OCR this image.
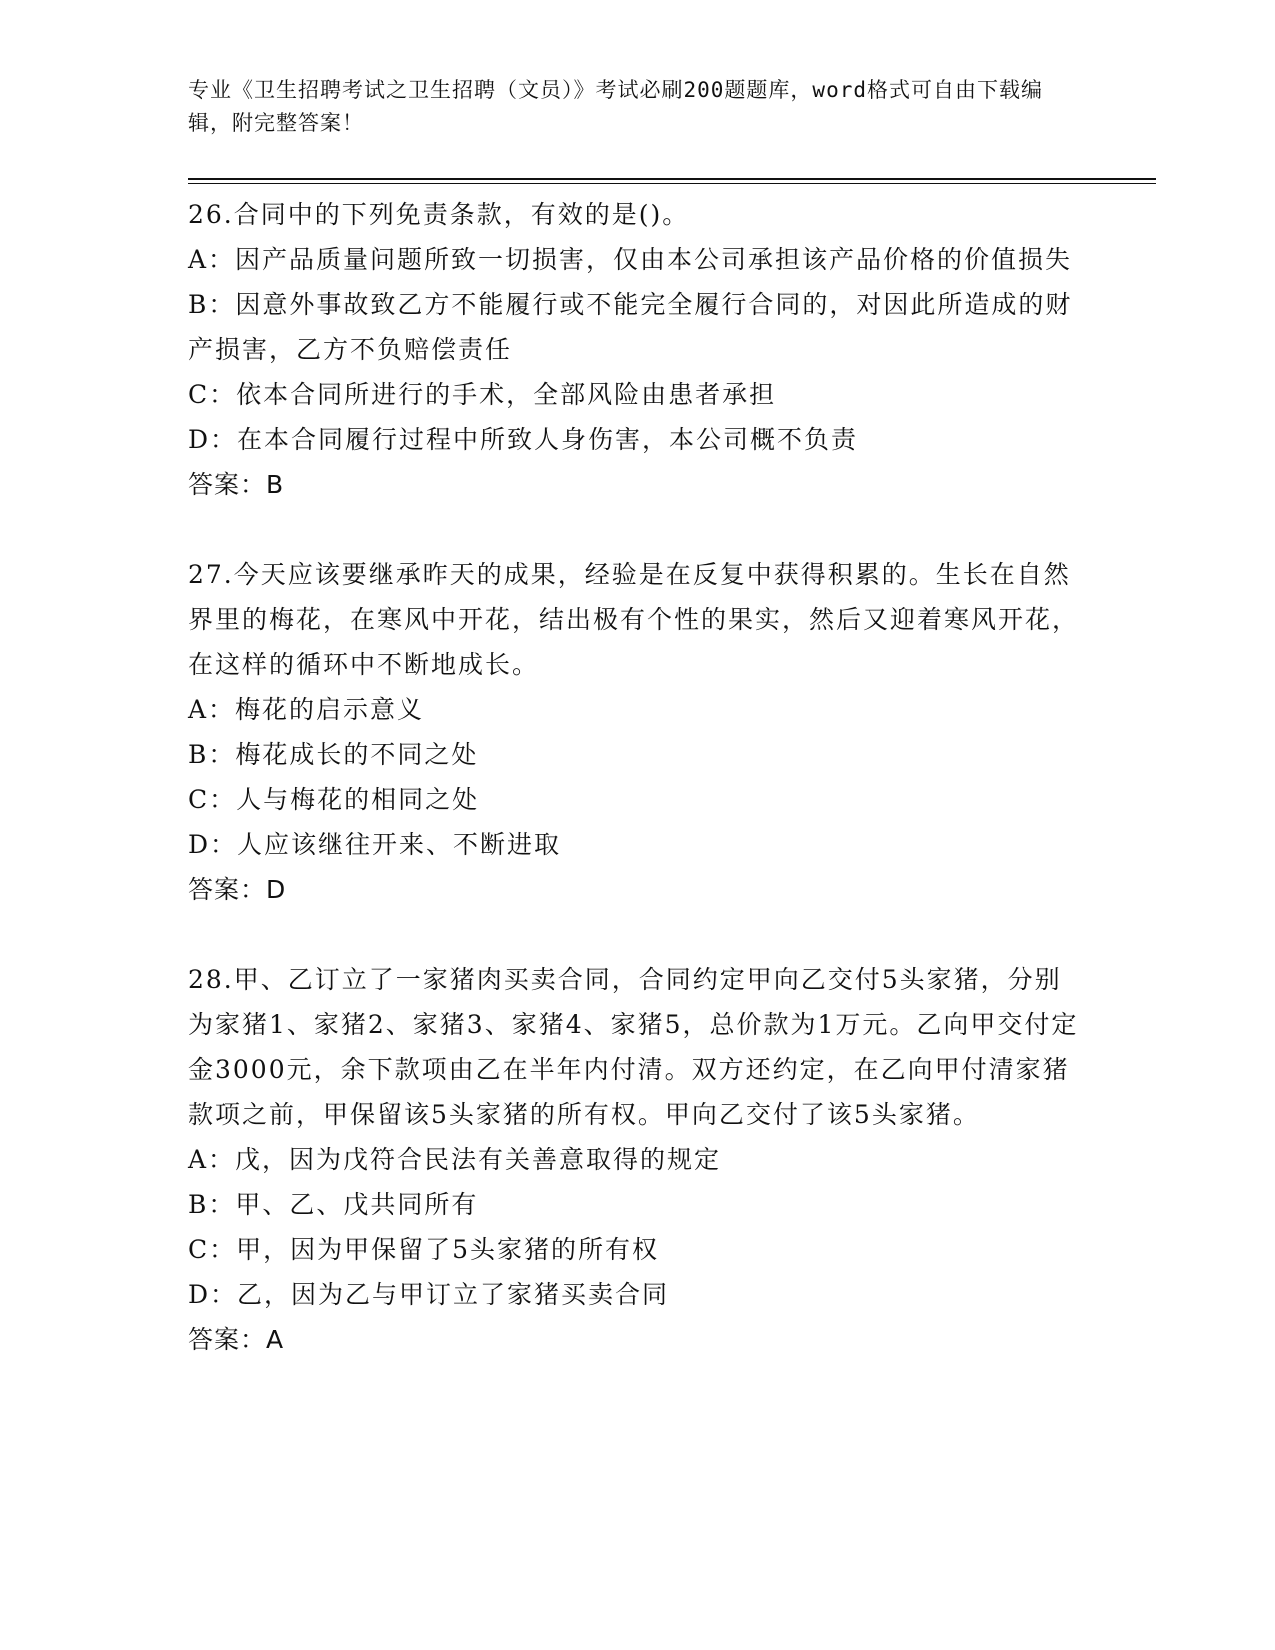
专业《卫生招聘考试之卫生招聘（文员）》考试必刷200题题库，word格式可自由下载编辑，附完整答案！
26.合同中的下列免责条款，有效的是()。
A：因产品质量问题所致一切损害，仅由本公司承担该产品价格的价值损失
B：因意外事故致乙方不能履行或不能完全履行合同的，对因此所造成的财产损害，乙方不负赔偿责任
C：依本合同所进行的手术，全部风险由患者承担
D：在本合同履行过程中所致人身伤害，本公司概不负责
答案：B
27.今天应该要继承昨天的成果，经验是在反复中获得积累的。生长在自然界里的梅花，在寒风中开花，结出极有个性的果实，然后又迎着寒风开花，在这样的循环中不断地成长。
A：梅花的启示意义
B：梅花成长的不同之处
C：人与梅花的相同之处
D：人应该继往开来、不断进取
答案：D
28.甲、乙订立了一家猪肉买卖合同，合同约定甲向乙交付5头家猪，分别为家猪1、家猪2、家猪3、家猪4、家猪5，总价款为1万元。乙向甲交付定金3000元，余下款项由乙在半年内付清。双方还约定，在乙向甲付清家猪款项之前，甲保留该5头家猪的所有权。甲向乙交付了该5头家猪。
A：戊，因为戊符合民法有关善意取得的规定
B：甲、乙、戊共同所有
C：甲，因为甲保留了5头家猪的所有权
D：乙，因为乙与甲订立了家猪买卖合同
答案：A
